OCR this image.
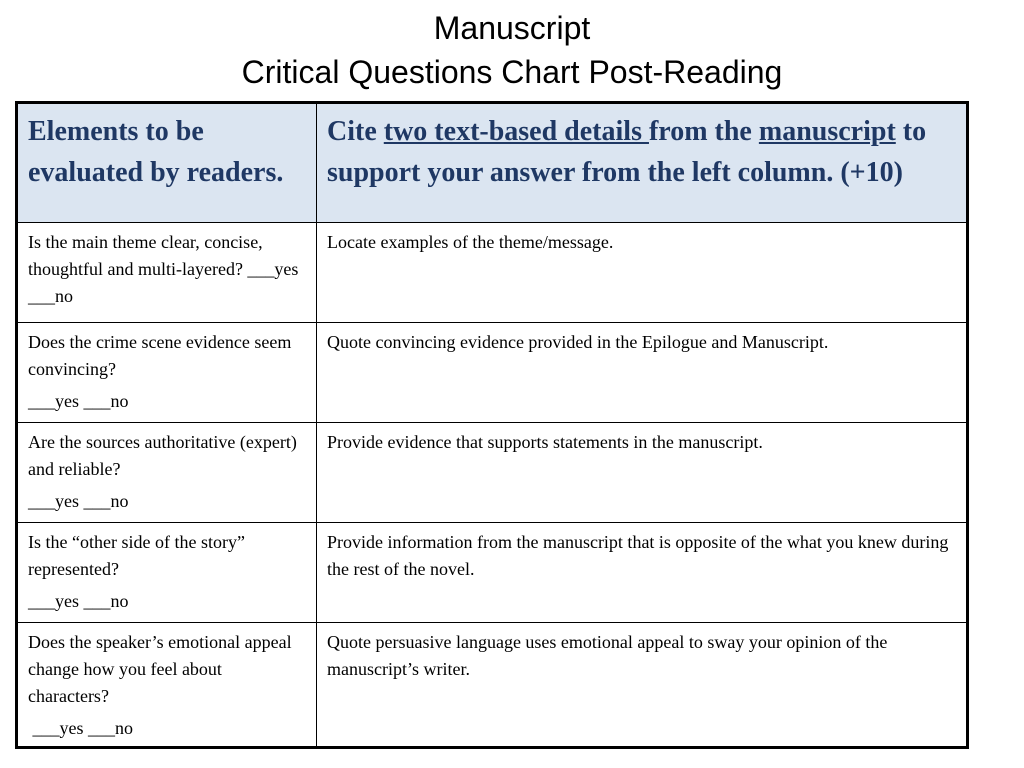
Manuscript
Critical Questions Chart Post-Reading
Elements to be evaluated by readers.	Cite two text-based details from the manuscript to support your answer from the left column. (+10)

Is the main theme clear, concise, thoughtful and multi-layered? ___yes ___no	Locate examples of the theme/message.

Does the crime scene evidence seem convincing?
___yes ___no	Quote convincing evidence provided in the Epilogue and Manuscript.

Are the sources authoritative (expert) and reliable?
___yes ___no	Provide evidence that supports statements in the manuscript.

Is the “other side of the story” represented?
___yes ___no	Provide information from the manuscript that is opposite of the what you knew during the rest of the novel.

Does the speaker’s emotional appeal change how you feel about characters?
___yes ___no	Quote persuasive language uses emotional appeal to sway your opinion of the manuscript’s writer.
